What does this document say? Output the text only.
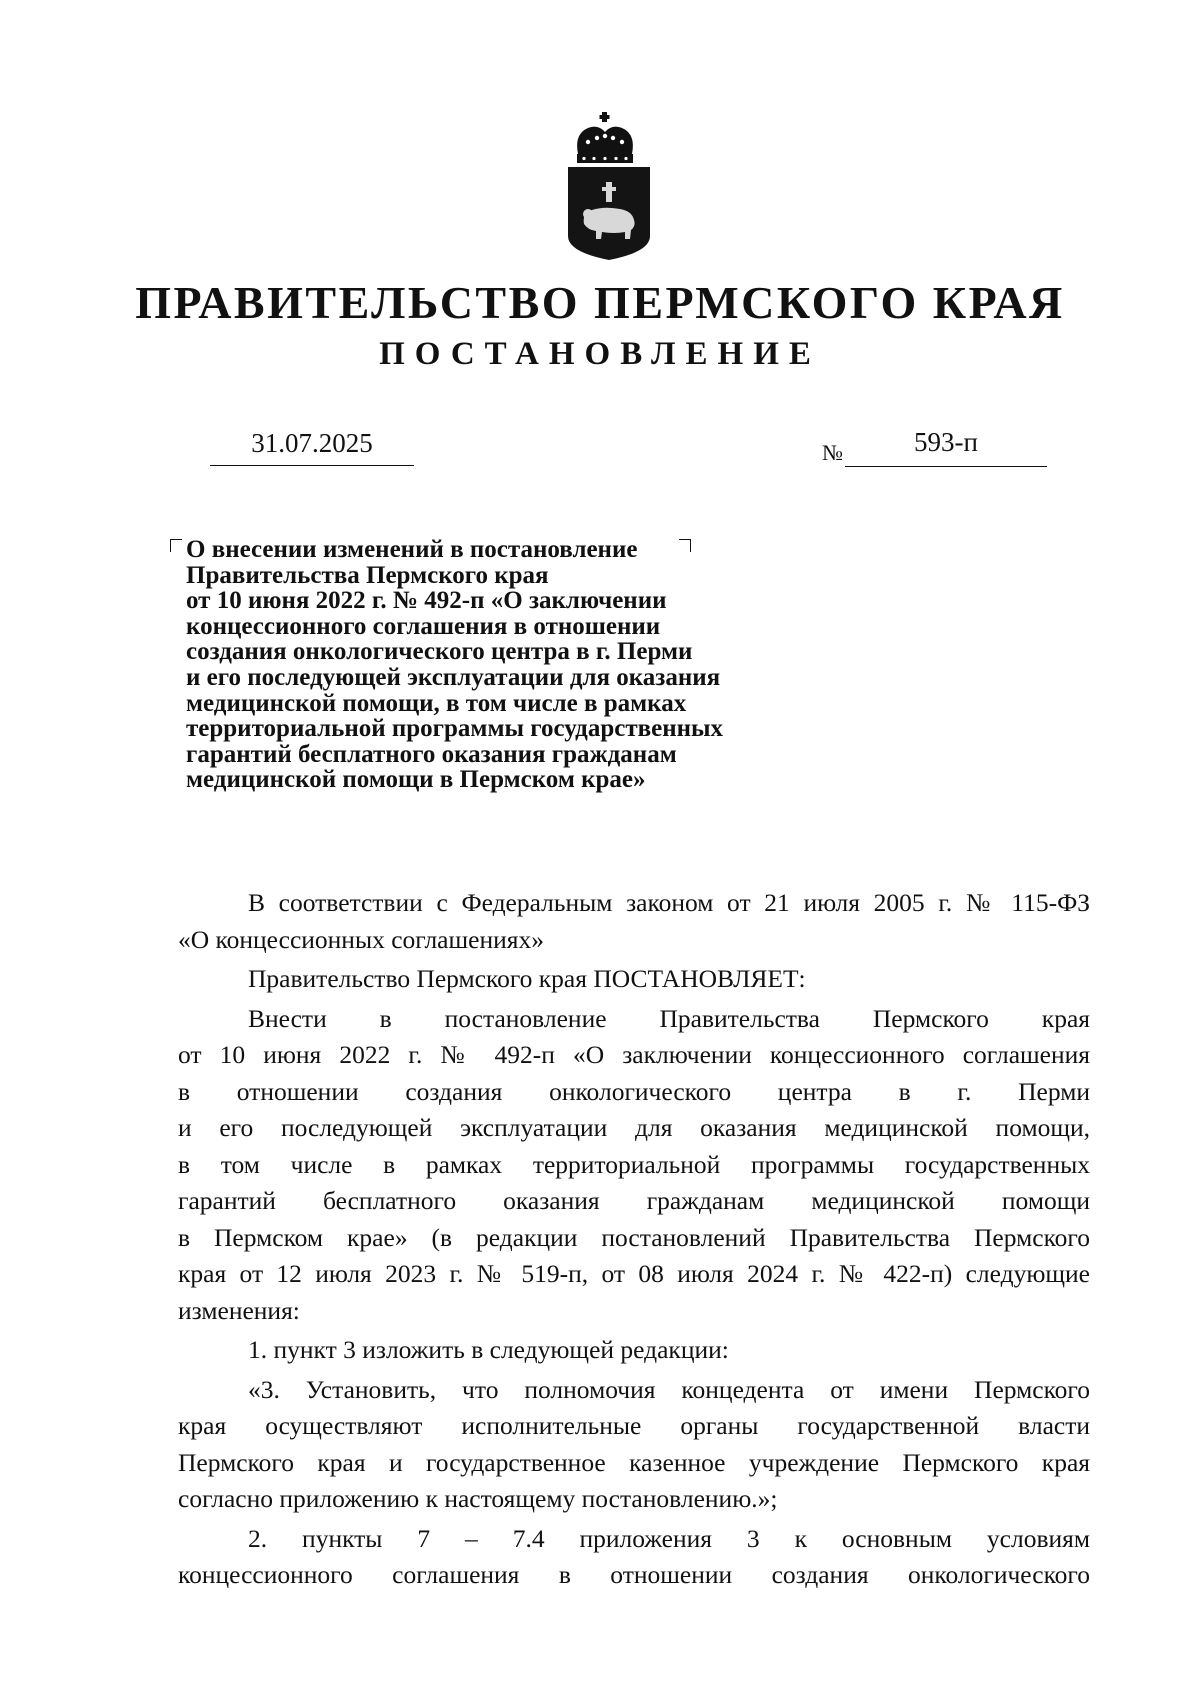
ПРАВИТЕЛЬСТВО ПЕРМСКОГО КРАЯ
ПОСТАНОВЛЕНИЕ
31.07.2025	№	593-п
О внесении изменений в постановление
Правительства Пермского края
от 10 июня 2022 г. № 492-п «О заключении
концессионного соглашения в отношении
создания онкологического центра в г. Перми
и его последующей эксплуатации для оказания
медицинской помощи, в том числе в рамках
территориальной программы государственных
гарантий бесплатного оказания гражданам
медицинской помощи в Пермском крае»
В соответствии с Федеральным законом от 21 июля 2005 г. № 115-ФЗ
«О концессионных соглашениях»
Правительство Пермского края ПОСТАНОВЛЯЕТ:
Внести в постановление Правительства Пермского края
от 10 июня 2022 г. № 492-п «О заключении концессионного соглашения
в отношении создания онкологического центра в г. Перми
и его последующей эксплуатации для оказания медицинской помощи,
в том числе в рамках территориальной программы государственных
гарантий бесплатного оказания гражданам медицинской помощи
в Пермском крае» (в редакции постановлений Правительства Пермского
края от 12 июля 2023 г. № 519-п, от 08 июля 2024 г. № 422-п) следующие
изменения:
1. пункт 3 изложить в следующей редакции:
«3. Установить, что полномочия концедента от имени Пермского
края осуществляют исполнительные органы государственной власти
Пермского края и государственное казенное учреждение Пермского края
согласно приложению к настоящему постановлению.»;
2. пункты 7 – 7.4 приложения 3 к основным условиям
концессионного соглашения в отношении создания онкологического
